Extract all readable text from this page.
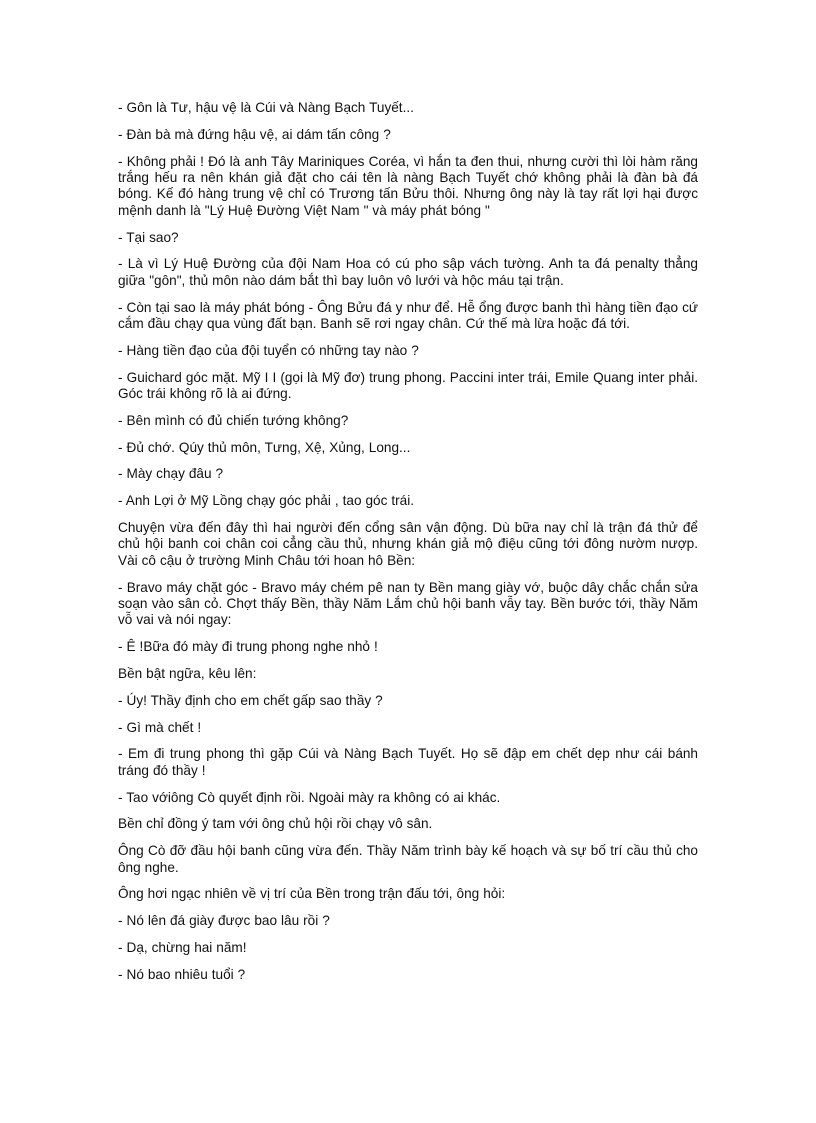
- Gôn là Tư, hậu vệ là Cúi và Nàng Bạch Tuyết...

- Đàn bà mà đứng hậu vệ, ai dám tấn công ?

- Không phải ! Đó là anh Tây Mariniques Coréa, vì hắn ta đen thui, nhưng cười thì lòi hàm răng trắng hếu ra nên khán giả đặt cho cái tên là nàng Bạch Tuyết chớ không phải là đàn bà đá bóng. Kế đó hàng trung vệ chỉ có Trương tấn Bửu thôi. Nhưng ông này là tay rất lợi hại được mệnh danh là "Lý Huệ Đường Việt Nam " và máy phát bóng "

- Tại sao?

- Là vì Lý Huệ Đường của đội Nam Hoa có cú pho sập vách tường. Anh ta đá penalty thẳng giữa "gôn", thủ môn nào dám bắt thì bay luôn vô lưới và hộc máu tại trận.

- Còn tại sao là máy phát bóng - Ông Bửu đá y như để. Hễ ổng được banh thì hàng tiền đạo cứ cắm đầu chạy qua vùng đất bạn. Banh sẽ rơi ngay chân. Cứ thế mà lừa hoặc đá tới.

- Hàng tiền đạo của đội tuyển có những tay nào ?

- Guichard góc mặt. Mỹ I I (gọi là Mỹ đơ) trung phong. Paccini inter trái, Emile Quang inter phải. Góc trái không rõ là ai đứng.

- Bên mình có đủ chiến tướng không?

- Đủ chớ. Qúy thủ môn, Tưng, Xệ, Xủng, Long...

- Mày chạy đâu ?

- Anh Lợi ở Mỹ Lồng chạy góc phải , tao góc trái.

Chuyện vừa đến đây thì hai người đến cổng sân vận động. Dù bữa nay chỉ là trận đá thử để chủ hội banh coi chân coi cẳng cầu thủ, nhưng khán giả mộ điệu cũng tới đông nườm nượp. Vài cô cậu ở trường Minh Châu tới hoan hô Bền:

- Bravo máy chặt góc - Bravo máy chém pê nan ty Bền mang giày vớ, buộc dây chắc chắn sửa soạn vào sân cỏ. Chợt thấy Bền, thầy Năm Lắm chủ hội banh vẫy tay. Bền bước tới, thầy Năm vỗ vai và nói ngay:

- Ê !Bữa đó mày đi trung phong nghe nhỏ !

Bền bật ngữa, kêu lên:

- Úy! Thầy định cho em chết gấp sao thầy ?

- Gì mà chết !

- Em đi trung phong thì gặp Cúi và Nàng Bạch Tuyết. Họ sẽ đập em chết dẹp như cái bánh tráng đó thầy !

- Tao vớiông Cò quyết định rồi. Ngoài mày ra không có ai khác.

Bền chỉ đồng ý tam với ông chủ hội rồi chạy vô sân.

Ông Cò đỡ đầu hội banh cũng vừa đến. Thầy Năm trình bày kế hoạch và sự bố trí cầu thủ cho ông nghe.

Ông hơi ngạc nhiên về vị trí của Bền trong trận đấu tới, ông hỏi:

- Nó lên đá giày được bao lâu rồi ?

- Dạ, chừng hai năm!

- Nó bao nhiêu tuổi ?
